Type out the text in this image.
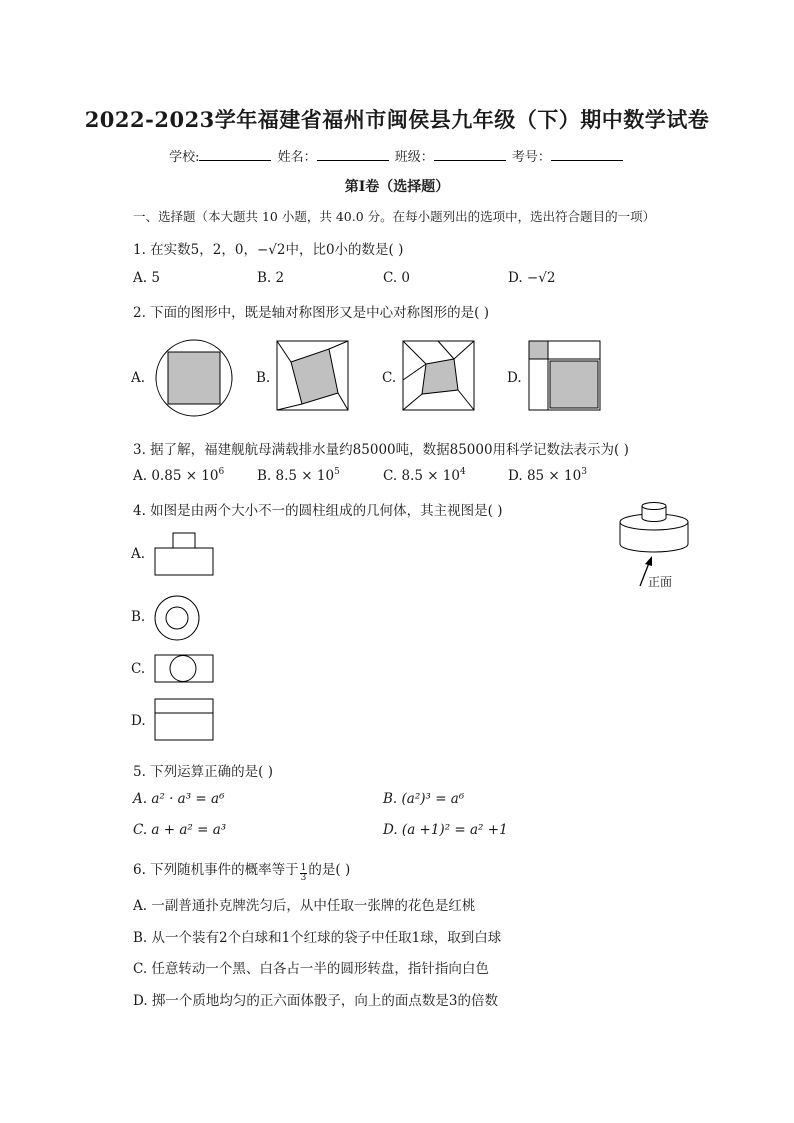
2022-2023学年福建省福州市闽侯县九年级（下）期中数学试卷
学校:	姓名：	班级：	考号：
第I卷（选择题）
一、选择题（本大题共 10 小题，共 40.0 分。在每小题列出的选项中，选出符合题目的一项）
1. 在实数5，2，0，−√2中，比0小的数是( )
A. 5	B. 2	C. 0	D. −√2
2. 下面的图形中，既是轴对称图形又是中心对称图形的是( )
A.	B.	C.	D.
3. 据了解，福建舰航母满载排水量约85000吨，数据85000用科学记数法表示为( )
A. $0.85 \times 10^6$ B. $8.5 \times 10^5$	C. $8.5 \times 10^4$	D. $85 \times 10^3$
4. 如图是由两个大小不一的圆柱组成的几何体，其主视图是( )
正面
A.
B.
C.
D.
5. 下列运算正确的是( )
A. a² · a³ = a⁶	B. (a²)³ = a⁶
C. a + a² = a³	D. (a +1)² = a² +1
6. 下列随机事件的概率等于 $\frac{1}{3}$ 的是( )
A. 一副普通扑克牌洗匀后，从中任取一张牌的花色是红桃
B. 从一个装有2个白球和1个红球的袋子中任取1球，取到白球
C. 任意转动一个黑、白各占一半的圆形转盘，指针指向白色
D. 掷一个质地均匀的正六面体骰子，向上的面点数是3的倍数
